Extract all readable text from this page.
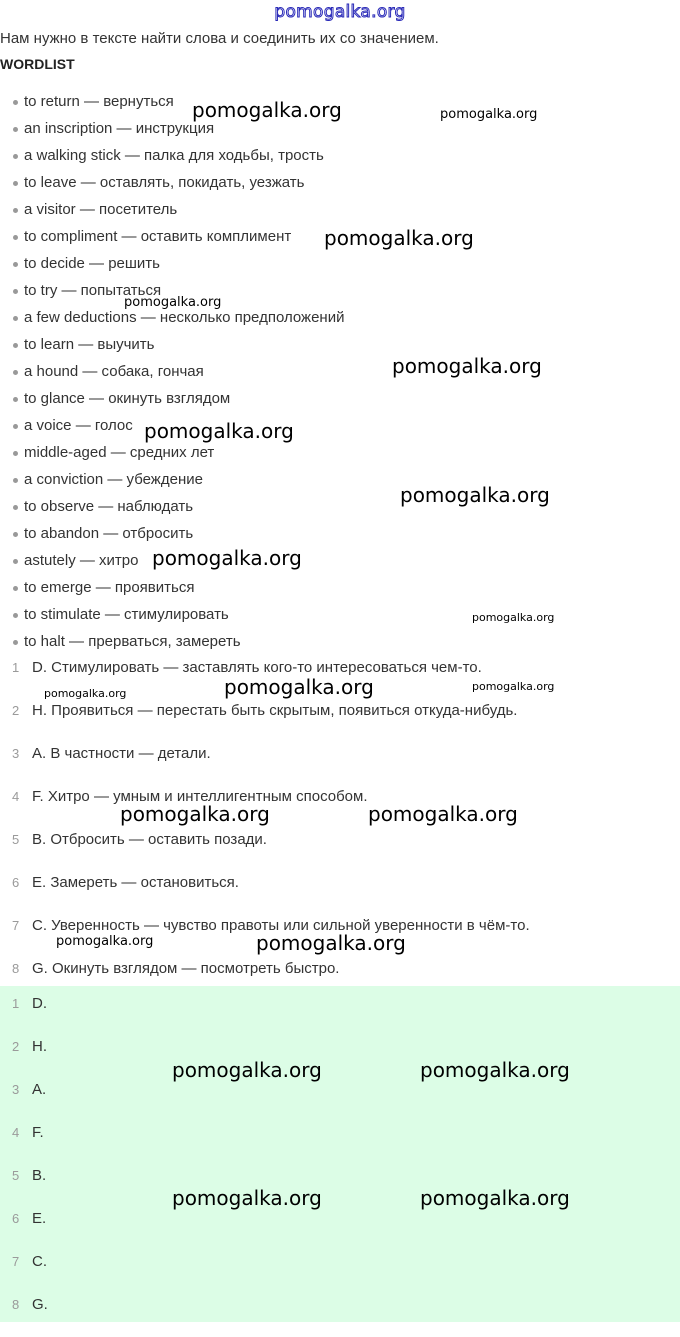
pomogalka.org
Нам нужно в тексте найти слова и соединить их со значением.
WORDLIST
to return — вернуться
an inscription — инструкция
a walking stick — палка для ходьбы, трость
to leave — оставлять, покидать, уезжать
a visitor — посетитель
to compliment — оставить комплимент
to decide — решить
to try — попытаться
a few deductions — несколько предположений
to learn — выучить
a hound — собака, гончая
to glance — окинуть взглядом
a voice — голос
middle-aged — средних лет
a conviction — убеждение
to observe — наблюдать
to abandon — отбросить
astutely — хитро
to emerge — проявиться
to stimulate — стимулировать
to halt — прерваться, замереть
1 D. Стимулировать — заставлять кого-то интересоваться чем-то.
2 H. Проявиться — перестать быть скрытым, появиться откуда-нибудь.
3 A. В частности — детали.
4 F. Хитро — умным и интеллигентным способом.
5 B. Отбросить — оставить позади.
6 E. Замереть — остановиться.
7 C. Уверенность — чувство правоты или сильной уверенности в чём-то.
8 G. Окинуть взглядом — посмотреть быстро.
1 D.
2 H.
3 A.
4 F.
5 B.
6 E.
7 C.
8 G.
pomogalka.org	pomogalka.org
pomogalka.org
pomogalka.org
pomogalka.org
pomogalka.org
pomogalka.org
pomogalka.org
pomogalka.org
pomogalka.org
pomogalka.org
pomogalka.org
pomogalka.org	pomogalka.org
pomogalka.org	pomogalka.org
pomogalka.org	pomogalka.org
pomogalka.org	pomogalka.org
